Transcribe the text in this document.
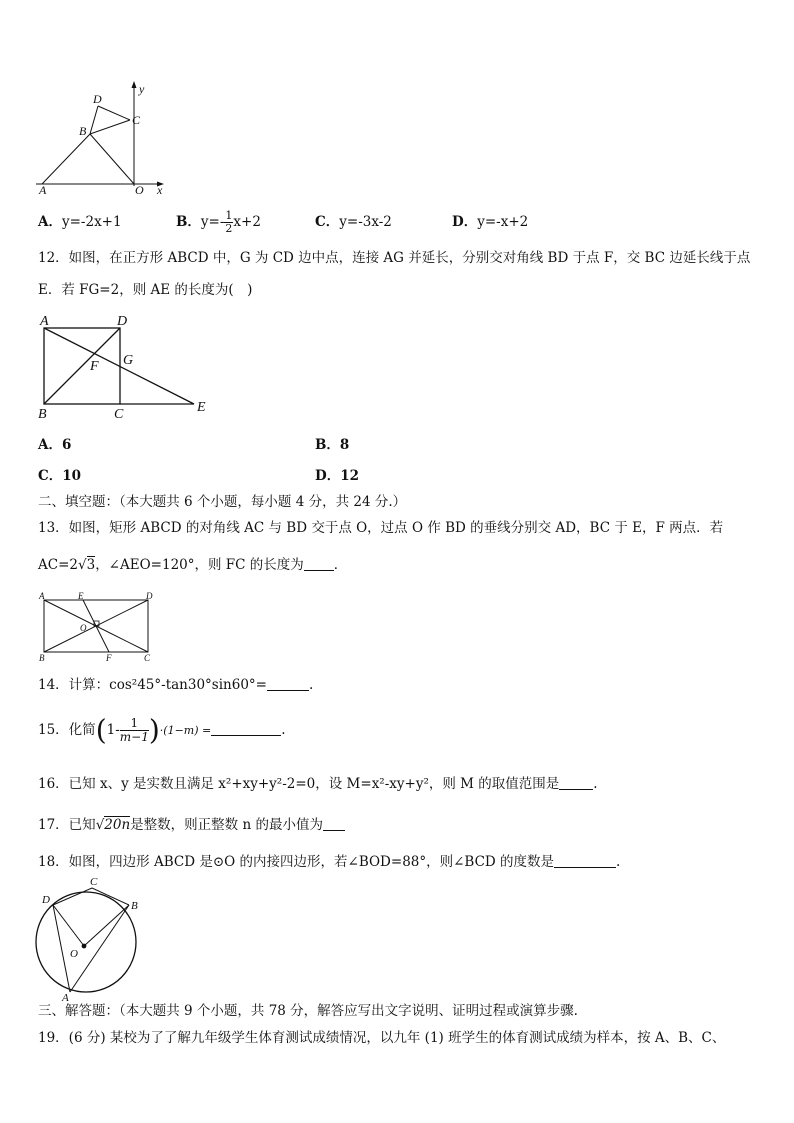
D
y
C
B
A	O x
A．y=-2x+1	B．$y=- \frac{1}{2} x+2$	C．y=-3x-2	D．y=-x+2
12．如图，在正方形 ABCD 中，G 为 CD 边中点，连接 AG 并延长，分别交对角线 BD 于点 F，交 BC 边延长线于点
E．若 FG=2，则 AE 的长度为(　)
A	D
F G
B	C	E
A．6	B．8
C．10	D．12
二、填空题：（本大题共 6 个小题，每小题 4 分，共 24 分.）
13．如图，矩形 ABCD 的对角线 AC 与 BD 交于点 O，过点 O 作 BD 的垂线分别交 AD，BC 于 E，F 两点．若
AC=2√3，∠AEO=120°，则 FC 的长度为 ．
A	E	D
O
B	F	C
14．计算：cos²45°-tan30°sin60°=	.
15．化简$(1- \frac{1}{m-1} )\cdot(1-m)$ =	.
16．已知 x、y 是实数且满足 x²+xy+y²-2=0，设 M=x²-xy+y²，则 M 的取值范围是	.
17．已知√20n是整数，则正整数 n 的最小值为
18．如图，四边形 ABCD 是⊙O 的内接四边形，若∠BOD=88°，则∠BCD 的度数是	.
C
D	B
O
A
三、解答题：（本大题共 9 个小题，共 78 分，解答应写出文字说明、证明过程或演算步骤.
19．(6 分) 某校为了了解九年级学生体育测试成绩情况，以九年 (1) 班学生的体育测试成绩为样本，按 A、B、C、
